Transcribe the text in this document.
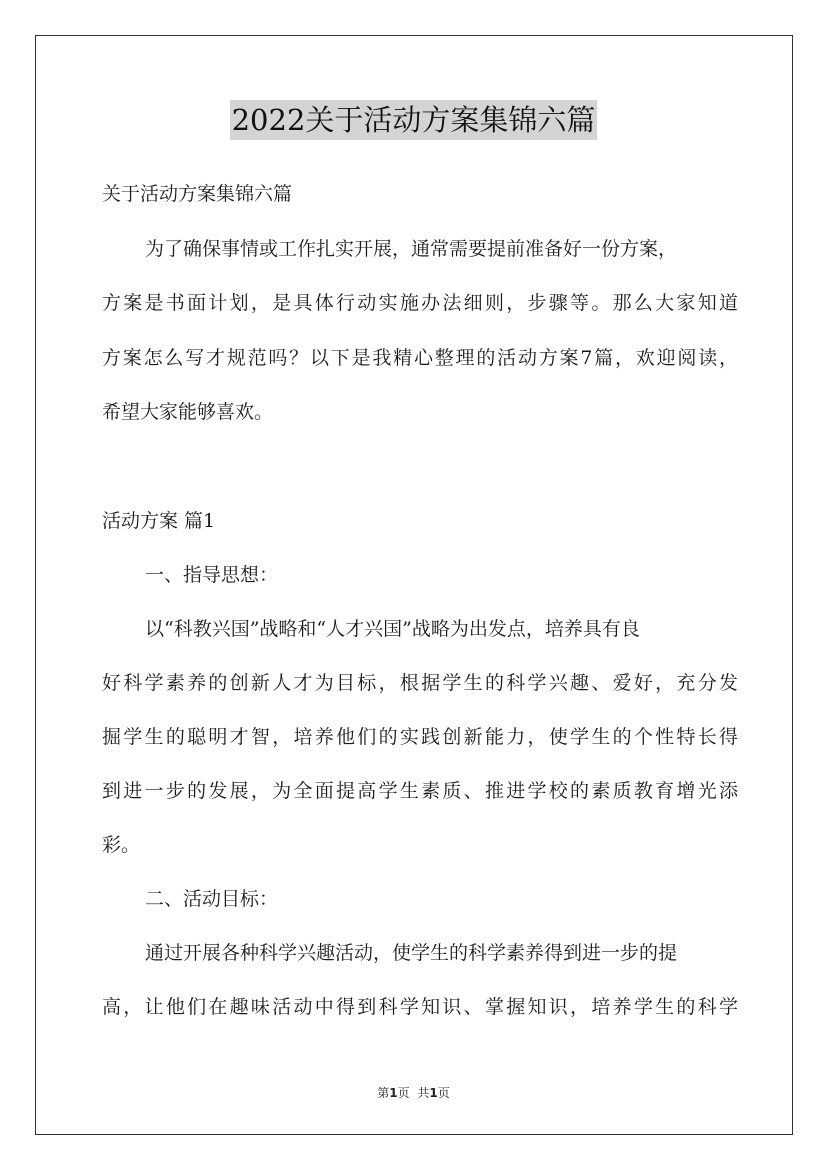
2022关于活动方案集锦六篇
关于活动方案集锦六篇
为了确保事情或工作扎实开展，通常需要提前准备好一份方案，
方案是书面计划，是具体行动实施办法细则，步骤等。那么大家知道
方案怎么写才规范吗？以下是我精心整理的活动方案7篇，欢迎阅读，
希望大家能够喜欢。
活动方案 篇1
一、指导思想：
以“科教兴国”战略和“人才兴国”战略为出发点，培养具有良
好科学素养的创新人才为目标，根据学生的科学兴趣、爱好，充分发
掘学生的聪明才智，培养他们的实践创新能力，使学生的个性特长得
到进一步的发展，为全面提高学生素质、推进学校的素质教育增光添
彩。
二、活动目标：
通过开展各种科学兴趣活动，使学生的科学素养得到进一步的提
高，让他们在趣味活动中得到科学知识、掌握知识，培养学生的科学
第1页 共1页
